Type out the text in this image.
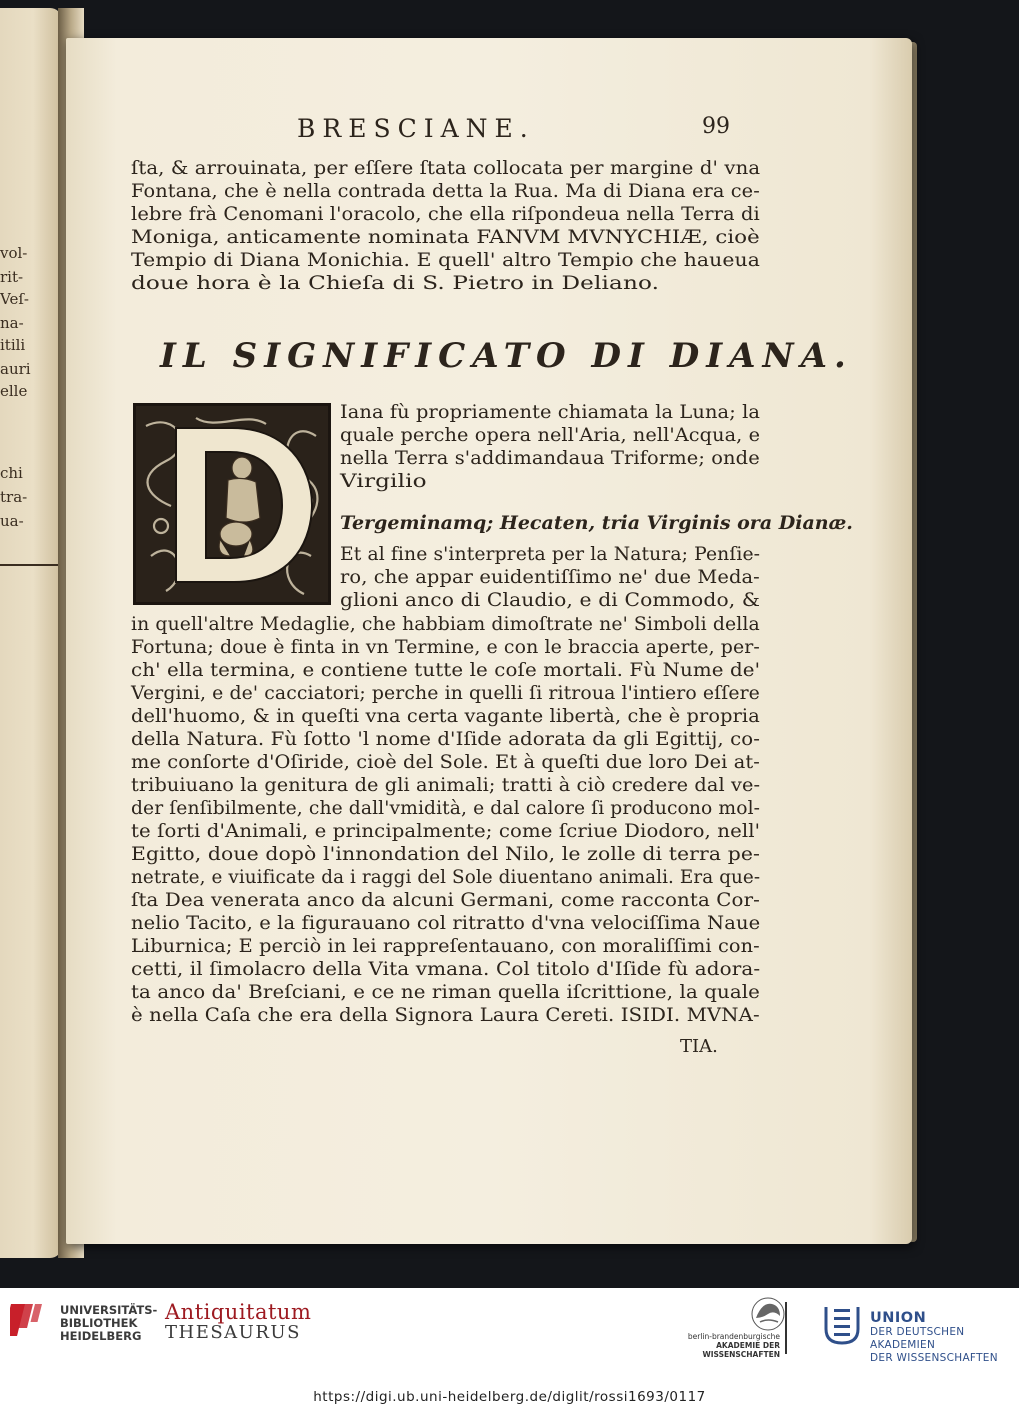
vol-
rit-
Veſ-
na-
itili
auri
elle
chi
tra-
ua-
BRESCIANE.	99
ſta, & arrouinata, per eſſere ſtata collocata per margine d' vna
Fontana, che è nella contrada detta la Rua. Ma di Diana era ce-
lebre frà Cenomani l'oracolo, che ella riſpondeua nella Terra di
Moniga, anticamente nominata FANVM MVNYCHIÆ, cioè
Tempio di Diana Monichia. E quell' altro Tempio che haueua
doue hora è la Chieſa di S. Pietro in Deliano.
IL SIGNIFICATO DI DIANA.
Iana fù propriamente chiamata la Luna; la
quale perche opera nell'Aria, nell'Acqua, e
nella Terra s'addimandaua Triforme; onde
Virgilio
Tergeminamq; Hecaten, tria Virginis ora Dianæ.
Et al fine s'interpreta per la Natura; Penſie-
ro, che appar euidentiſſimo ne' due Meda-
glioni anco di Claudio, e di Commodo, &
in quell'altre Medaglie, che habbiam dimoſtrate ne' Simboli della
Fortuna; doue è finta in vn Termine, e con le braccia aperte, per-
ch' ella termina, e contiene tutte le coſe mortali. Fù Nume de'
Vergini, e de' cacciatori; perche in quelli ſi ritroua l'intiero eſſere
dell'huomo, & in queſti vna certa vagante libertà, che è propria
della Natura. Fù ſotto 'l nome d'Iſide adorata da gli Egittij, co-
me conſorte d'Oſiride, cioè del Sole. Et à queſti due loro Dei at-
tribuiuano la genitura de gli animali; tratti à ciò credere dal ve-
der ſenſibilmente, che dall'vmidità, e dal calore ſi producono mol-
te ſorti d'Animali, e principalmente; come ſcriue Diodoro, nell'
Egitto, doue dopò l'innondation del Nilo, le zolle di terra pe-
netrate, e viuificate da i raggi del Sole diuentano animali. Era que-
ſta Dea venerata anco da alcuni Germani, come racconta Cor-
nelio Tacito, e la figurauano col ritratto d'vna velociſſima Naue
Liburnica; E perciò in lei rappreſentauano, con moraliſſimi con-
cetti, il ſimolacro della Vita vmana. Col titolo d'Iſide fù adora-
ta anco da' Breſciani, e ce ne riman quella iſcrittione, la quale
è nella Caſa che era della Signora Laura Cereti. ISIDI. MVNA-
TIA.
UNIVERSITÄTS-
BIBLIOTHEK
HEIDELBERG
Antiquitatum
THESAURUS	berlin-brandenburgische
AKADEMIE DER WISSENSCHAFTEN
UNION
DER DEUTSCHEN AKADEMIEN
DER WISSENSCHAFTEN
https://digi.ub.uni-heidelberg.de/diglit/rossi1693/0117
